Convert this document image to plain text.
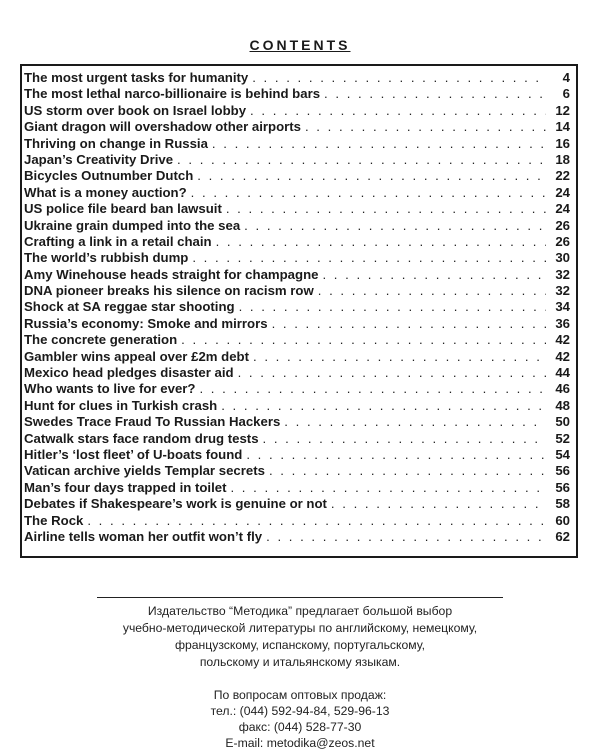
CONTENTS
The most urgent tasks for humanity . . .	4
The most lethal narco-billionaire is behind bars . . .	6
US storm over book on Israel lobby . . .	12
Giant dragon will overshadow other airports . . .	14
Thriving on change in Russia . . .	16
Japan’s Creativity Drive . . .	18
Bicycles Outnumber Dutch . . .	22
What is a money auction? . . .	24
US police file beard ban lawsuit . . .	24
Ukraine grain dumped into the sea . . .	26
Crafting a link in a retail chain . . .	26
The world’s rubbish dump . . .	30
Amy Winehouse heads straight for champagne . . .	32
DNA pioneer breaks his silence on racism row . . .	32
Shock at SA reggae star shooting . . .	34
Russia’s economy: Smoke and mirrors . . .	36
The concrete generation . . .	42
Gambler wins appeal over £2m debt . . .	42
Mexico head pledges disaster aid . . .	44
Who wants to live for ever? . . .	46
Hunt for clues in Turkish crash . . .	48
Swedes Trace Fraud To Russian Hackers . . .	50
Catwalk stars face random drug tests . . .	52
Hitler’s ‘lost fleet’ of U-boats found . . .	54
Vatican archive yields Templar secrets . . .	56
Man’s four days trapped in toilet . . .	56
Debates if Shakespeare’s work is genuine or not . . .	58
The Rock . . .	60
Airline tells woman her outfit won’t fly . . .	62
Издательство “Методика” предлагает большой выбор
учебно-методической литературы по английскому, немецкому,
французскому, испанскому, португальскому,
польскому и итальянскому языкам.
По вопросам оптовых продаж:
тел.: (044) 592-94-84, 529-96-13
факс: (044) 528-77-30
E-mail: metodika@zeos.net
